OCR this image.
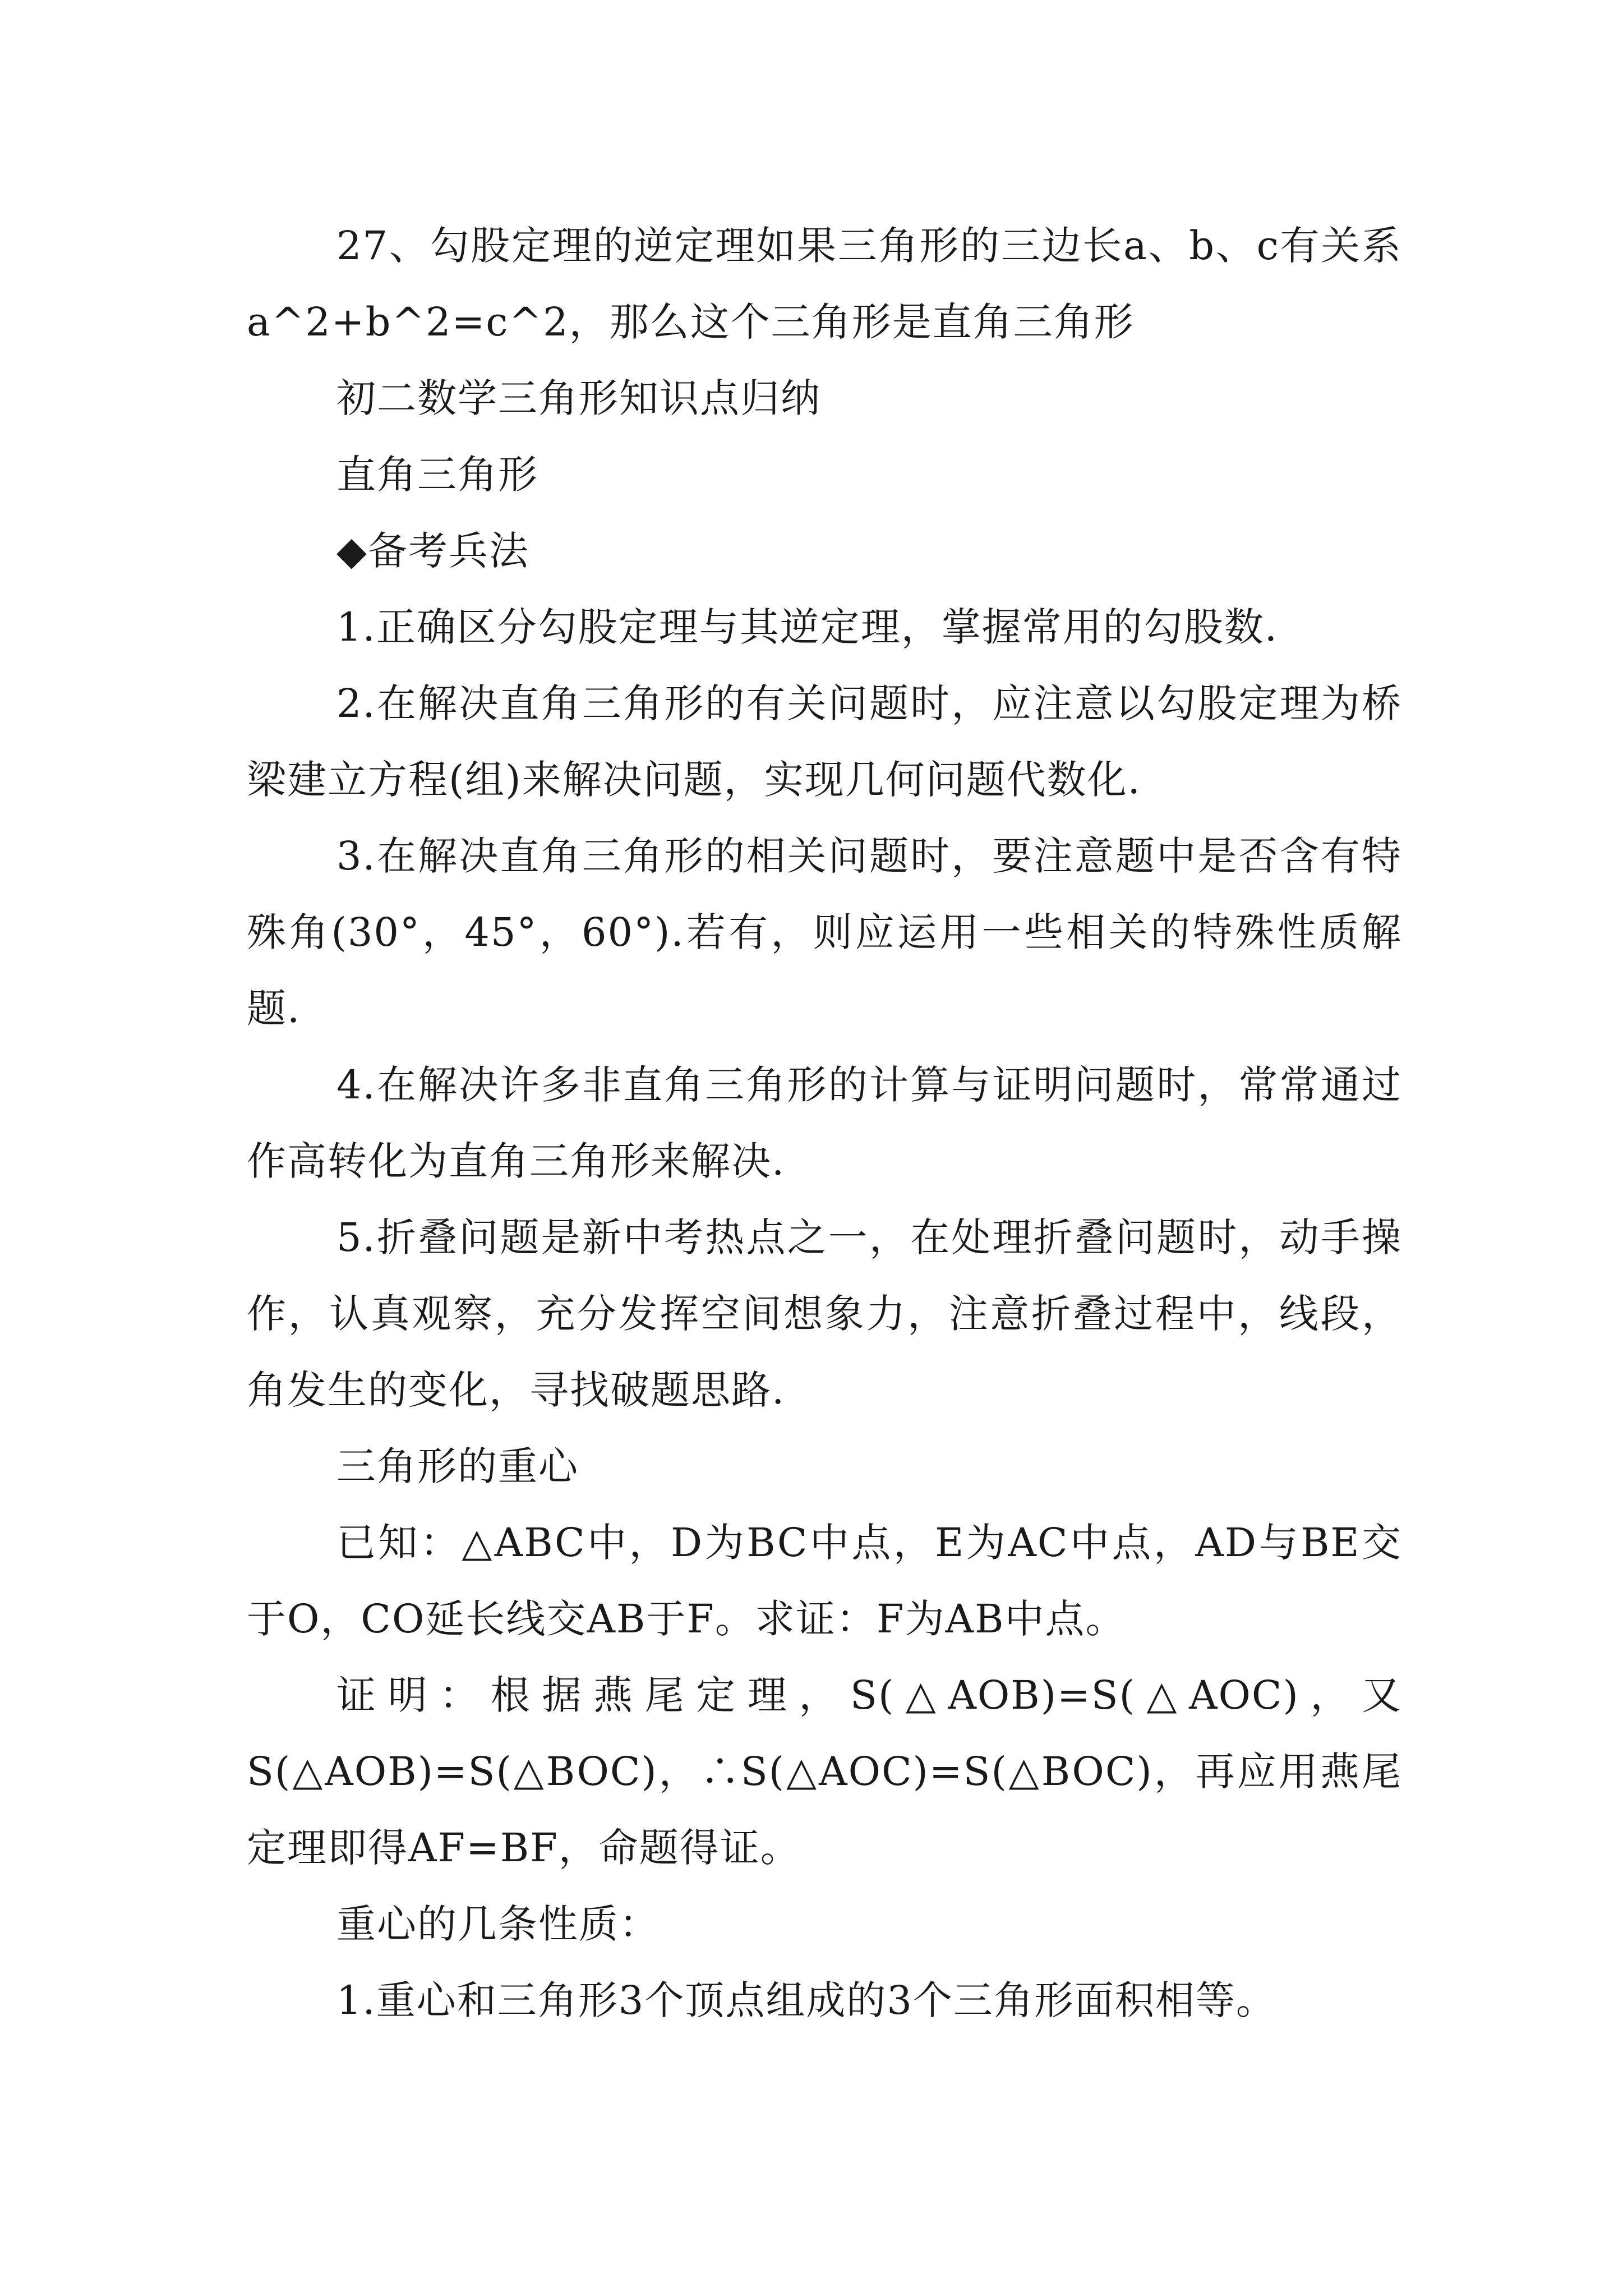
27、勾股定理的逆定理如果三角形的三边长a、b、c有关系a^2+b^2=c^2，那么这个三角形是直角三角形

初二数学三角形知识点归纳

直角三角形

◆备考兵法

1.正确区分勾股定理与其逆定理，掌握常用的勾股数.

2.在解决直角三角形的有关问题时，应注意以勾股定理为桥梁建立方程(组)来解决问题，实现几何问题代数化.

3.在解决直角三角形的相关问题时，要注意题中是否含有特殊角(30°，45°，60°).若有，则应运用一些相关的特殊性质解题.

4.在解决许多非直角三角形的计算与证明问题时，常常通过作高转化为直角三角形来解决.

5.折叠问题是新中考热点之一，在处理折叠问题时，动手操作，认真观察，充分发挥空间想象力，注意折叠过程中，线段，角发生的变化，寻找破题思路.

三角形的重心

已知：△ABC中，D为BC中点，E为AC中点，AD与BE交于O，CO延长线交AB于F。求证：F为AB中点。

证明：根据燕尾定理，S(△AOB)=S(△AOC)，又S(△AOB)=S(△BOC)，∴S(△AOC)=S(△BOC)，再应用燕尾定理即得AF=BF，命题得证。

重心的几条性质：

1.重心和三角形3个顶点组成的3个三角形面积相等。
